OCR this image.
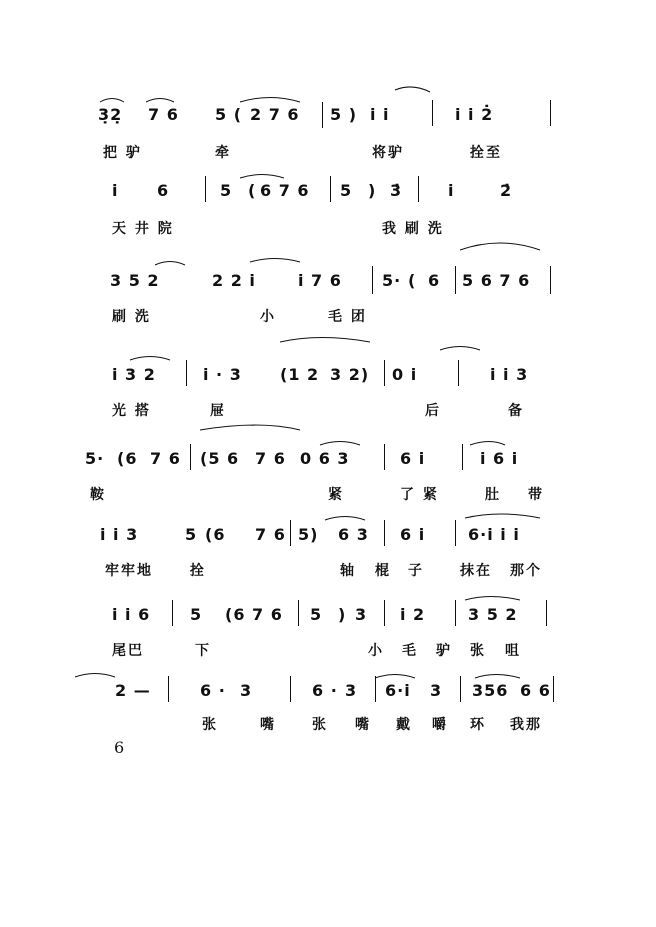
3̣2̣ 7 6 5 ( 2 7 6 5 ) i i	i i 2̇
把 驴	牵	将驴	拴至
i 6	5 ( 6 7 6 5 ) 3̇	i	2̇
天 井 院	我 刷 洗
3 5 2	2 2 i	i 7 6	5· ( 6 5 6 7 6
刷 洗	小	毛 团
i 3 2	i · 3 (1 2 3 2) 0 i	i i 3
光 搭	屉	后	备
5· (6 7 6 (5 6 7 6 0 6 3	6 i	i 6 i
鞍	紧	了 紧	肚 带
i i 3	5 (6 7 6 5) 6 3 6 i	6·i i i
牢牢地	拴	轴 棍 子	抹在 那个
i i 6 5 (6 7 6 5 ) 3 i 2	3 5 2
尾巴	下	小 毛 驴 张 咀
2 —	6 · 3	6 · 3 6·i 3 356 6 6
张	嘴	张 嘴 戴 嚼 环 我那
6
